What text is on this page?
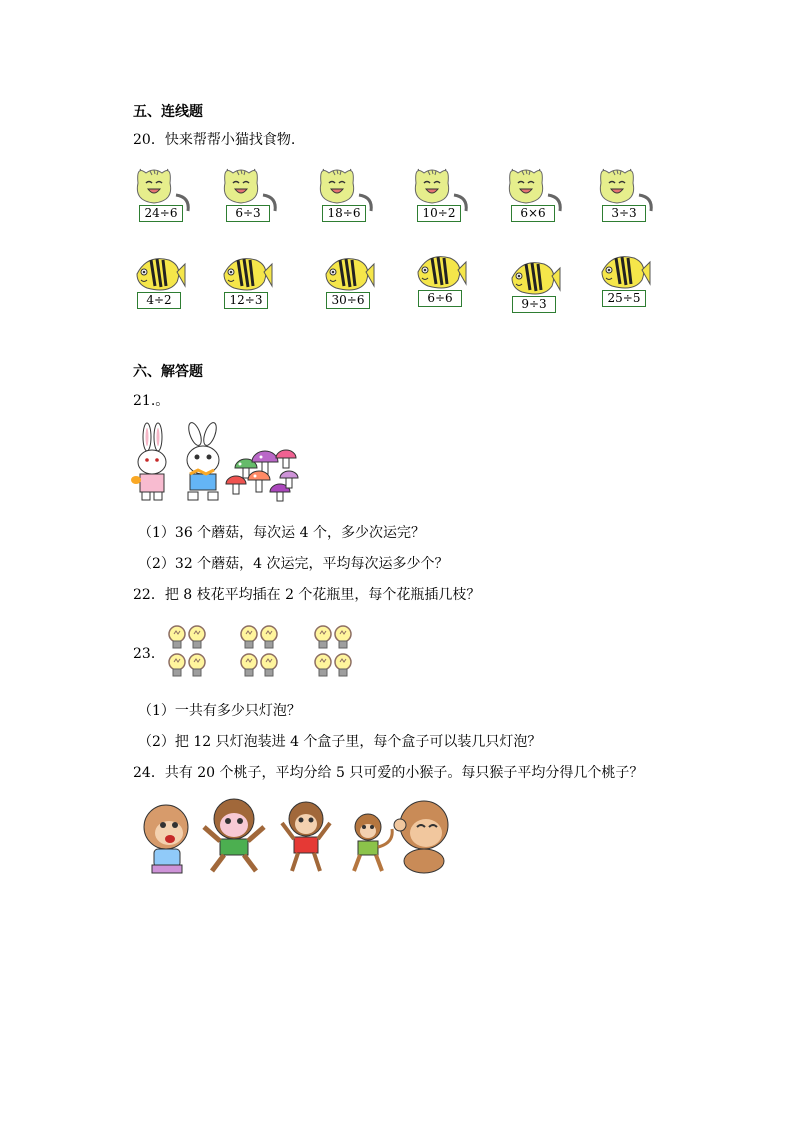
五、连线题
20．快来帮帮小猫找食物.
24÷6	6÷3	18÷6	10÷2	6×6	3÷3
4÷2	12÷3	30÷6	6÷6	9÷3	25÷5
六、解答题
21.。
（1）36 个蘑菇，每次运 4 个，多少次运完？
（2）32 个蘑菇，4 次运完，平均每次运多少个？
22．把 8 枝花平均插在 2 个花瓶里，每个花瓶插几枝？
23．
（1）一共有多少只灯泡？
（2）把 12 只灯泡装进 4 个盒子里，每个盒子可以装几只灯泡？
24．共有 20 个桃子，平均分给 5 只可爱的小猴子。每只猴子平均分得几个桃子？
